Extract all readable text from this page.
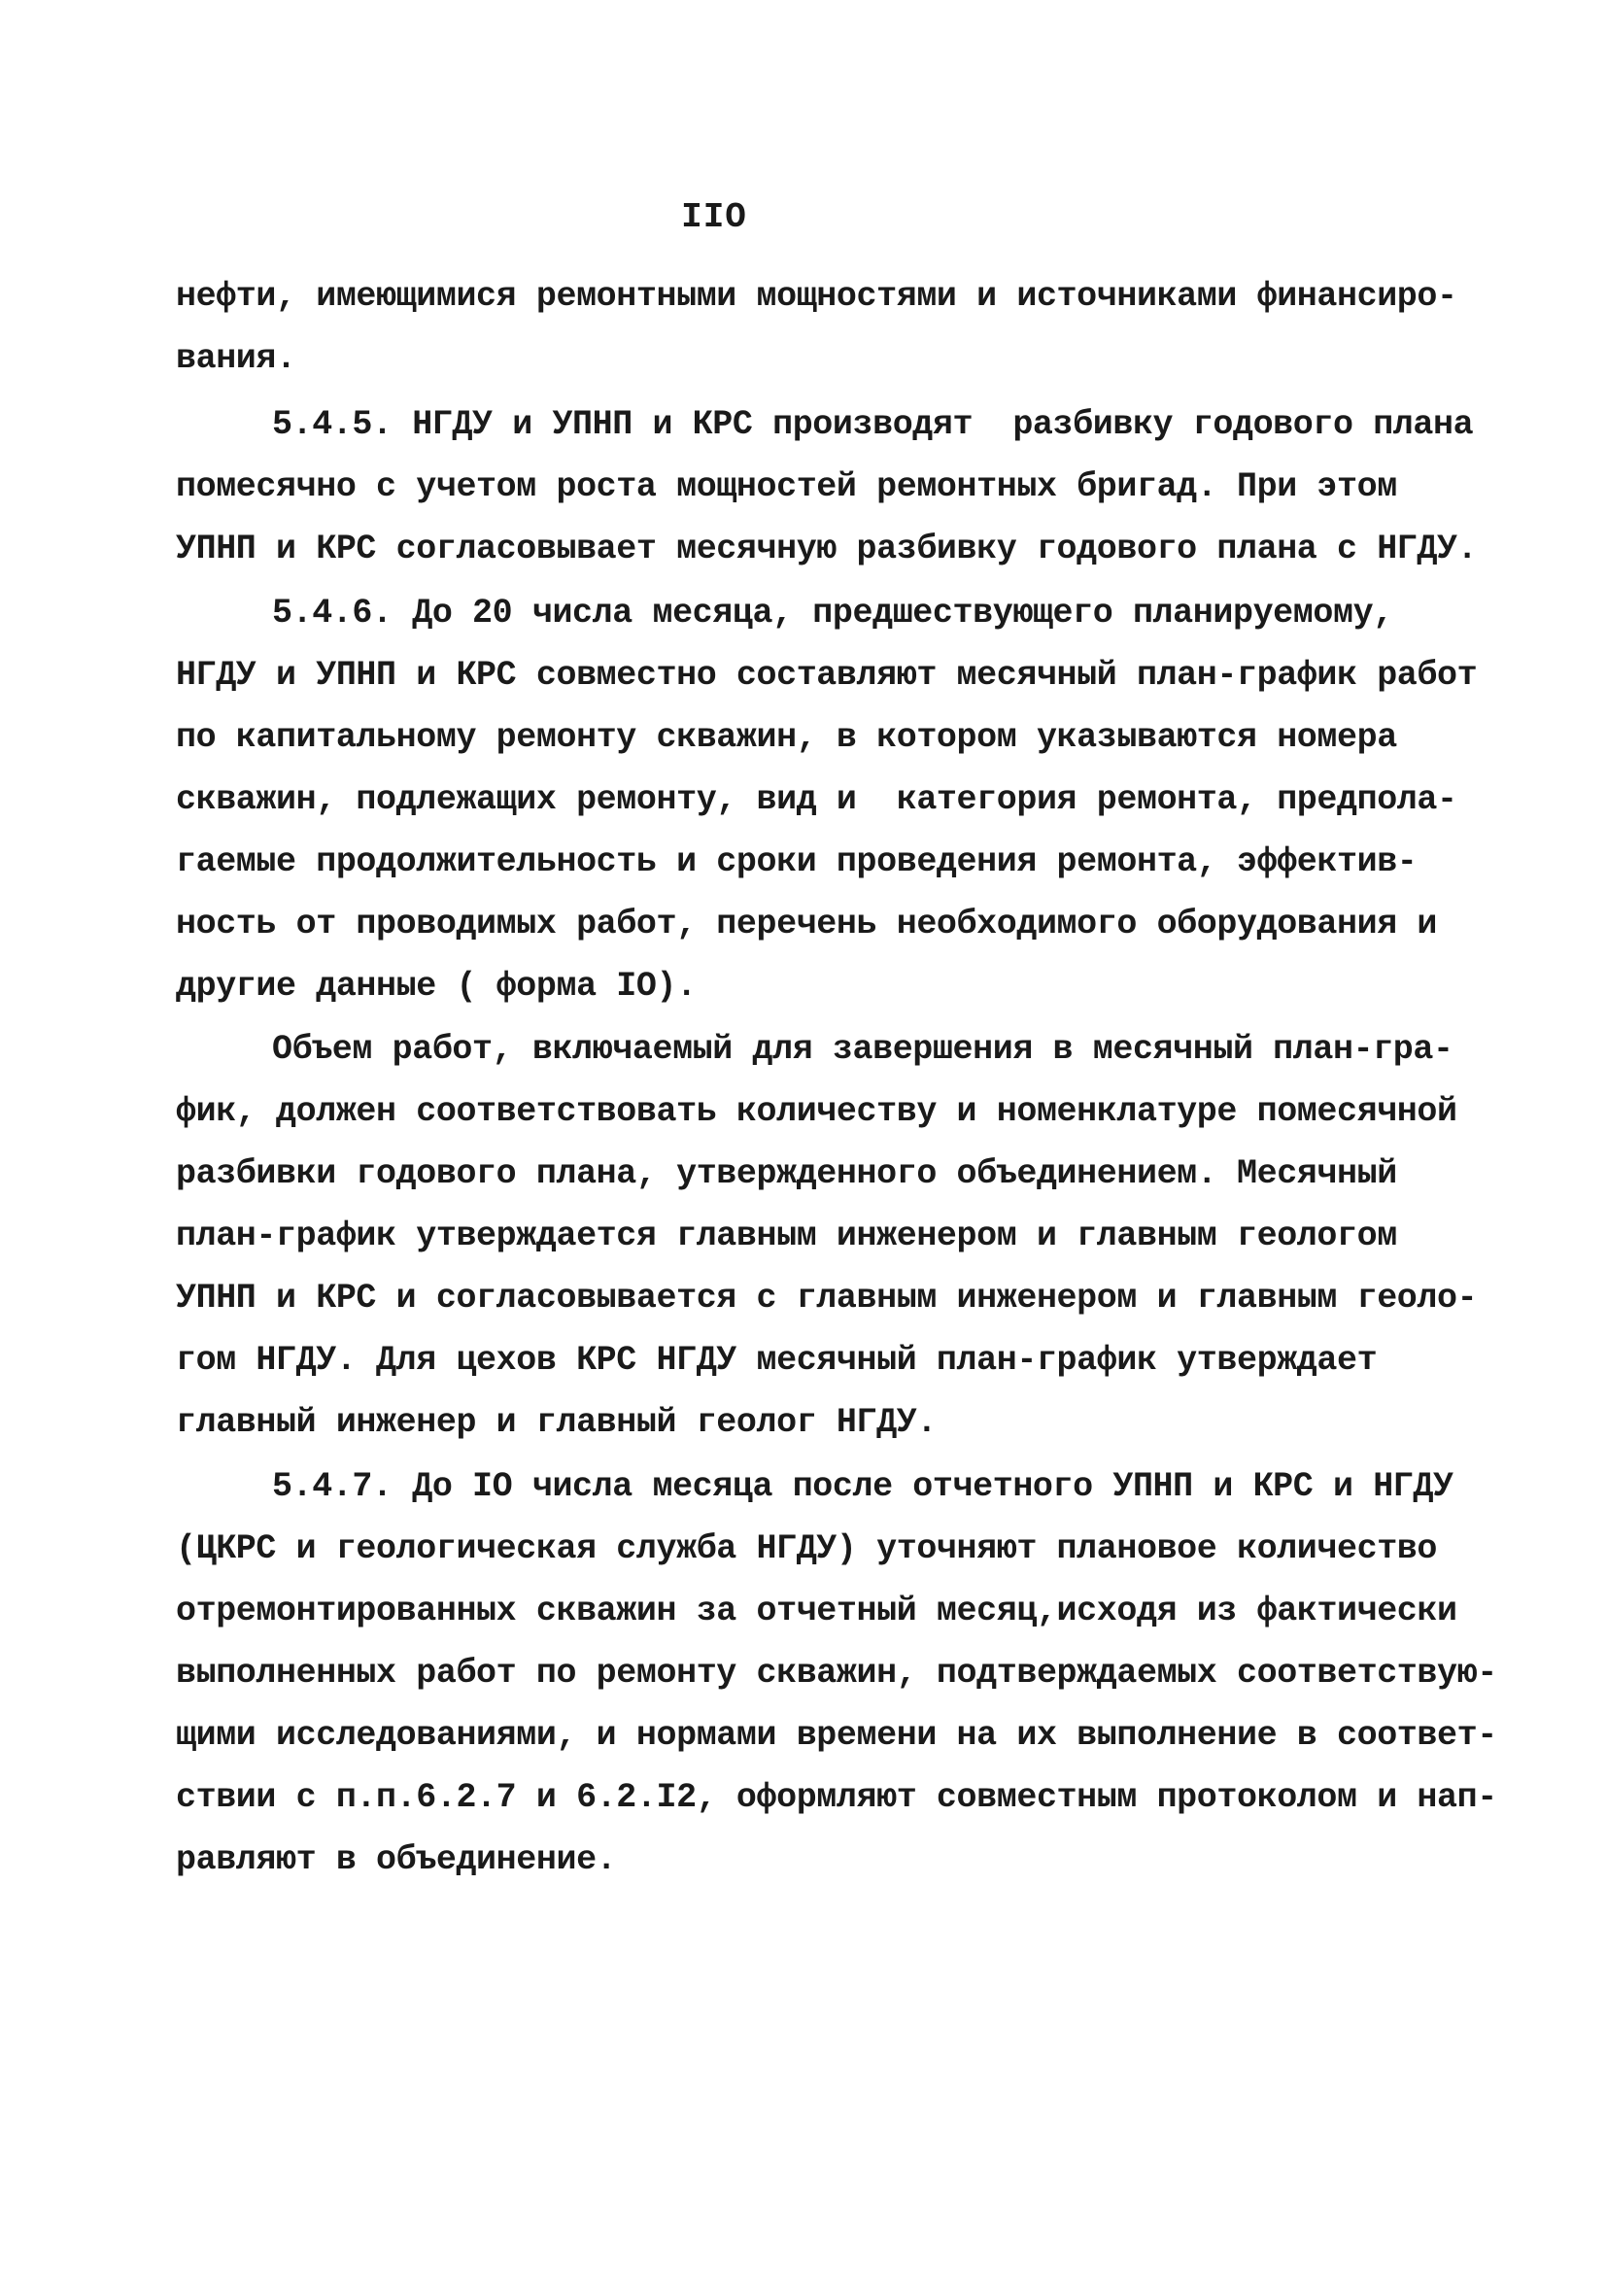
IIO
нефти, имеющимися ремонтными мощностями и источниками финансиро-
вания.
5.4.5. НГДУ и УПНП и КРС производят  разбивку годового плана
помесячно с учетом роста мощностей ремонтных бригад. При этом
УПНП и КРС согласовывает месячную разбивку годового плана с НГДУ.
5.4.6. До 20 числа месяца, предшествующего планируемому,
НГДУ и УПНП и КРС совместно составляют месячный план-график работ
по капитальному ремонту скважин, в котором указываются номера
скважин, подлежащих ремонту, вид и  категория ремонта, предпола-
гаемые продолжительность и сроки проведения ремонта, эффектив-
ность от проводимых работ, перечень необходимого оборудования и
другие данные ( форма IO).
Объем работ, включаемый для завершения в месячный план-гра-
фик, должен соответствовать количеству и номенклатуре помесячной
разбивки годового плана, утвержденного объединением. Месячный
план-график утверждается главным инженером и главным геологом
УПНП и КРС и согласовывается с главным инженером и главным геоло-
гом НГДУ. Для цехов КРС НГДУ месячный план-график утверждает
главный инженер и главный геолог НГДУ.
5.4.7. До IO числа месяца после отчетного УПНП и КРС и НГДУ
(ЦКРС и геологическая служба НГДУ) уточняют плановое количество
отремонтированных скважин за отчетный месяц,исходя из фактически
выполненных работ по ремонту скважин, подтверждаемых соответствую-
щими исследованиями, и нормами времени на их выполнение в соответ-
ствии с п.п.6.2.7 и 6.2.I2, оформляют совместным протоколом и нап-
равляют в объединение.
